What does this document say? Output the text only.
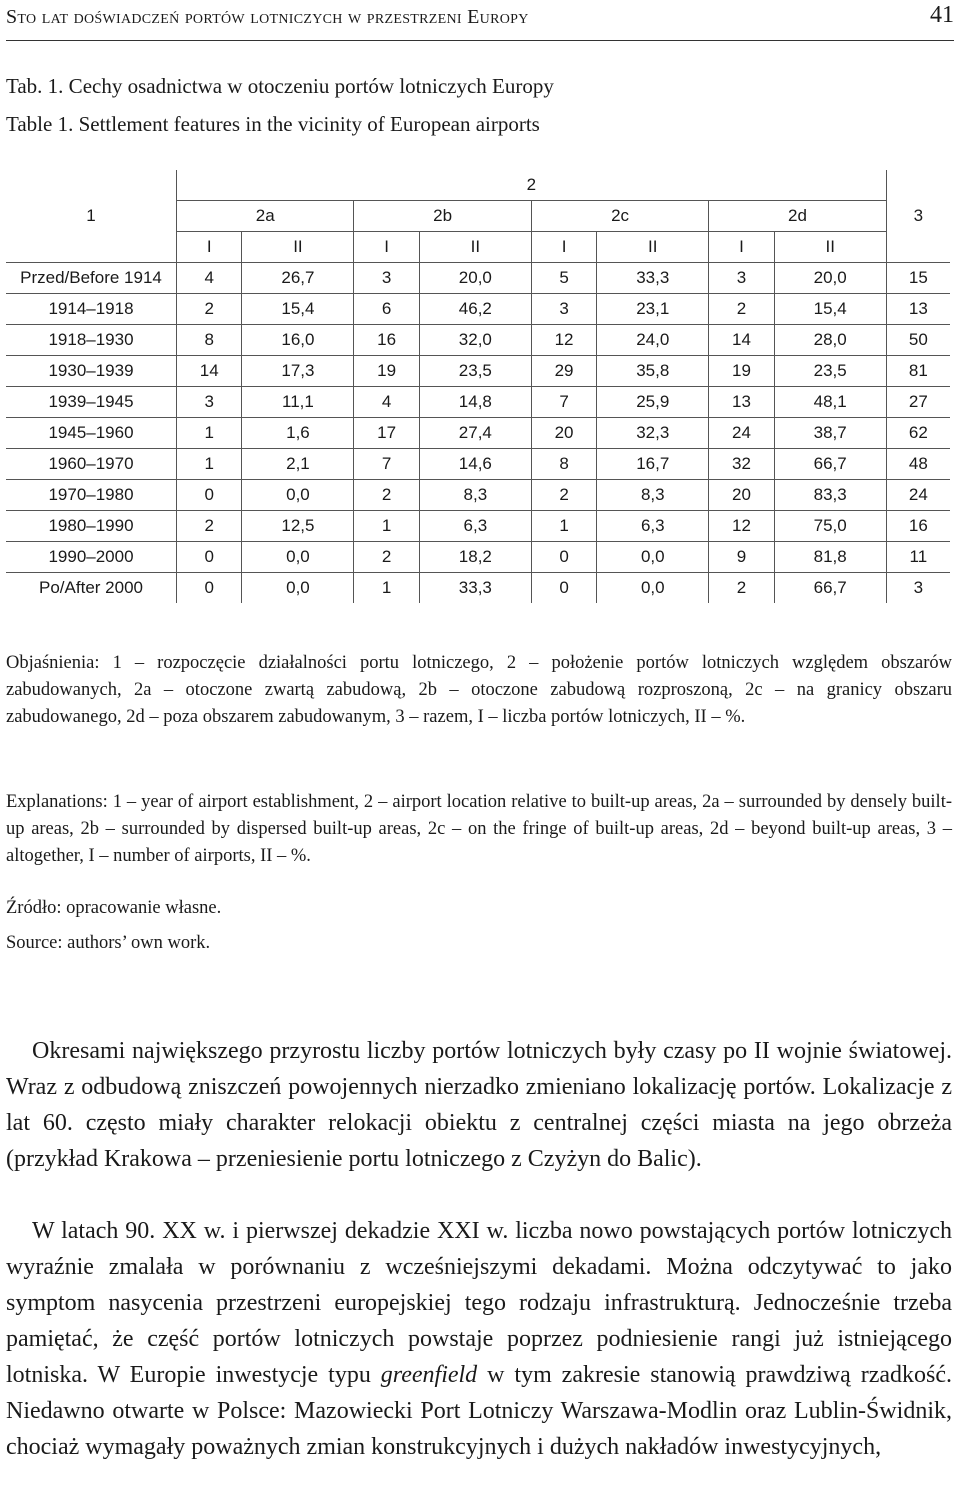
Sto lat doświadczeń portów lotniczych w przestrzeni Europy	41
Tab. 1. Cechy osadnictwa w otoczeniu portów lotniczych Europy
Table 1. Settlement features in the vicinity of European airports
1	2								3
	2a		2b		2c		2d		
	I	II	I	II	I	II	I	II	
Przed/Before 1914	4	26,7	3	20,0	5	33,3	3	20,0	15
1914–1918	2	15,4	6	46,2	3	23,1	2	15,4	13
1918–1930	8	16,0	16	32,0	12	24,0	14	28,0	50
1930–1939	14	17,3	19	23,5	29	35,8	19	23,5	81
1939–1945	3	11,1	4	14,8	7	25,9	13	48,1	27
1945–1960	1	1,6	17	27,4	20	32,3	24	38,7	62
1960–1970	1	2,1	7	14,6	8	16,7	32	66,7	48
1970–1980	0	0,0	2	8,3	2	8,3	20	83,3	24
1980–1990	2	12,5	1	6,3	1	6,3	12	75,0	16
1990–2000	0	0,0	2	18,2	0	0,0	9	81,8	11
Po/After 2000	0	0,0	1	33,3	0	0,0	2	66,7	3
Objaśnienia: 1 – rozpoczęcie działalności portu lotniczego, 2 – położenie portów lotniczych względem obszarów zabudowanych, 2a – otoczone zwartą zabudową, 2b – otoczone zabudową rozproszoną, 2c – na granicy obszaru zabudowanego, 2d – poza obszarem zabudowanym, 3 – razem, I – liczba portów lotniczych, II – %.
Explanations: 1 – year of airport establishment, 2 – airport location relative to built-up areas, 2a – surrounded by densely built-up areas, 2b – surrounded by dispersed built-up areas, 2c – on the fringe of built-up areas, 2d – beyond built-up areas, 3 – altogether, I – number of airports, II – %.
Źródło: opracowanie własne.
Source: authors’ own work.
Okresami największego przyrostu liczby portów lotniczych były czasy po II wojnie światowej. Wraz z odbudową zniszczeń powojennych nierzadko zmieniano lokalizację portów. Lokalizacje z lat 60. często miały charakter relokacji obiektu z centralnej części miasta na jego obrzeża (przykład Krakowa – przeniesienie portu lotniczego z Czyżyn do Balic).
W latach 90. XX w. i pierwszej dekadzie XXI w. liczba nowo powstających portów lotniczych wyraźnie zmalała w porównaniu z wcześniejszymi dekadami. Można odczytywać to jako symptom nasycenia przestrzeni europejskiej tego rodzaju infrastrukturą. Jednocześnie trzeba pamiętać, że część portów lotniczych powstaje poprzez podniesienie rangi już istniejącego lotniska. W Europie inwestycje typu greenfield w tym zakresie stanowią prawdziwą rzadkość. Niedawno otwarte w Polsce: Mazowiecki Port Lotniczy Warszawa-Modlin oraz Lublin-Świdnik, chociaż wymagały poważnych zmian konstrukcyjnych i dużych nakładów inwestycyjnych,
